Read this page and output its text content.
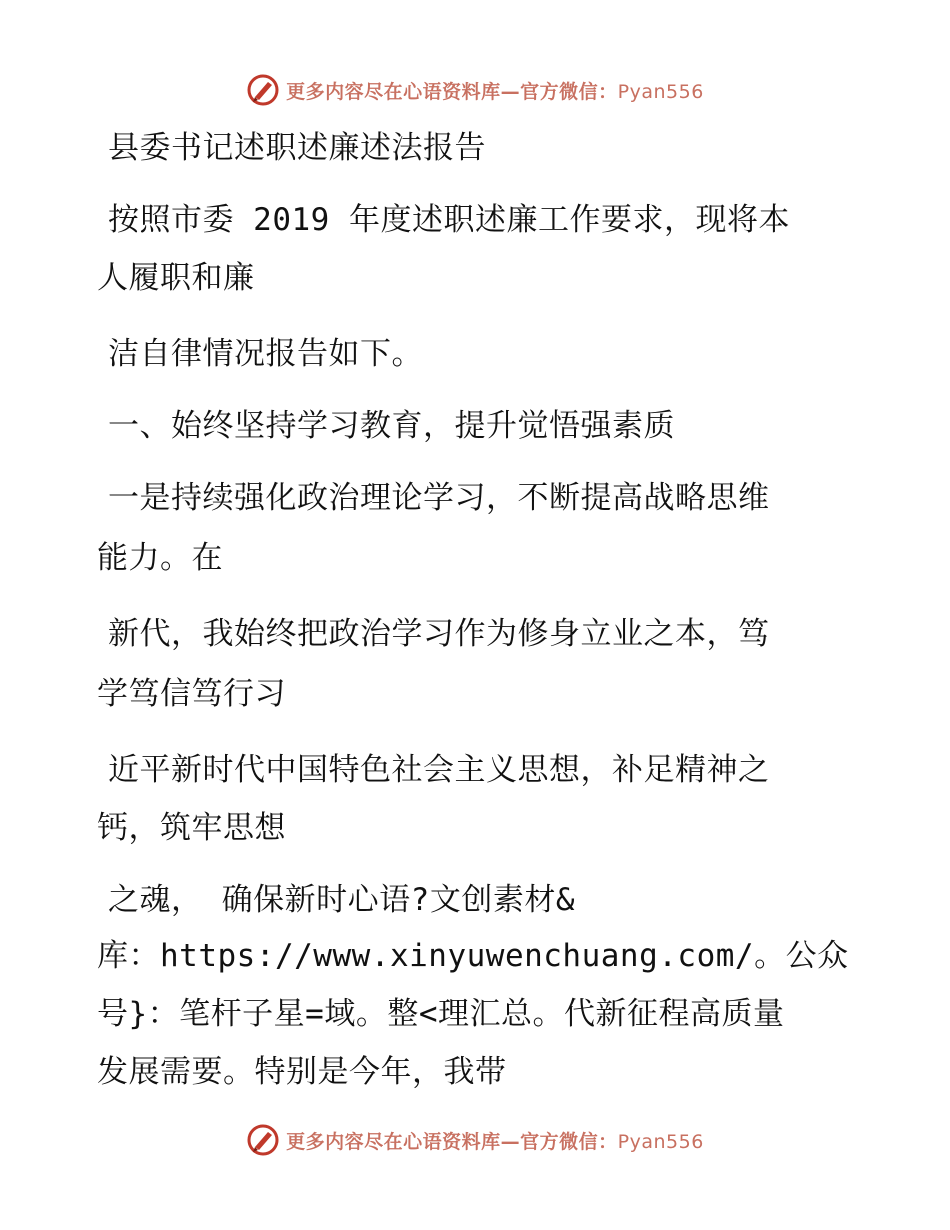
更多内容尽在心语资料库—官方微信：Pyan556
县委书记述职述廉述法报告
按照市委 2019 年度述职述廉工作要求，现将本
人履职和廉
洁自律情况报告如下。
一、始终坚持学习教育，提升觉悟强素质
一是持续强化政治理论学习，不断提高战略思维
能力。在
新代，我始终把政治学习作为修身立业之本，笃
学笃信笃行习
近平新时代中国特色社会主义思想，补足精神之
钙，筑牢思想
之魂， 确保新时心语?文创素材&
库：https://www.xinyuwenchuang.com/。公众
号}：笔杆子星=域。整<理汇总。代新征程高质量
发展需要。特别是今年，我带
更多内容尽在心语资料库—官方微信：Pyan556
